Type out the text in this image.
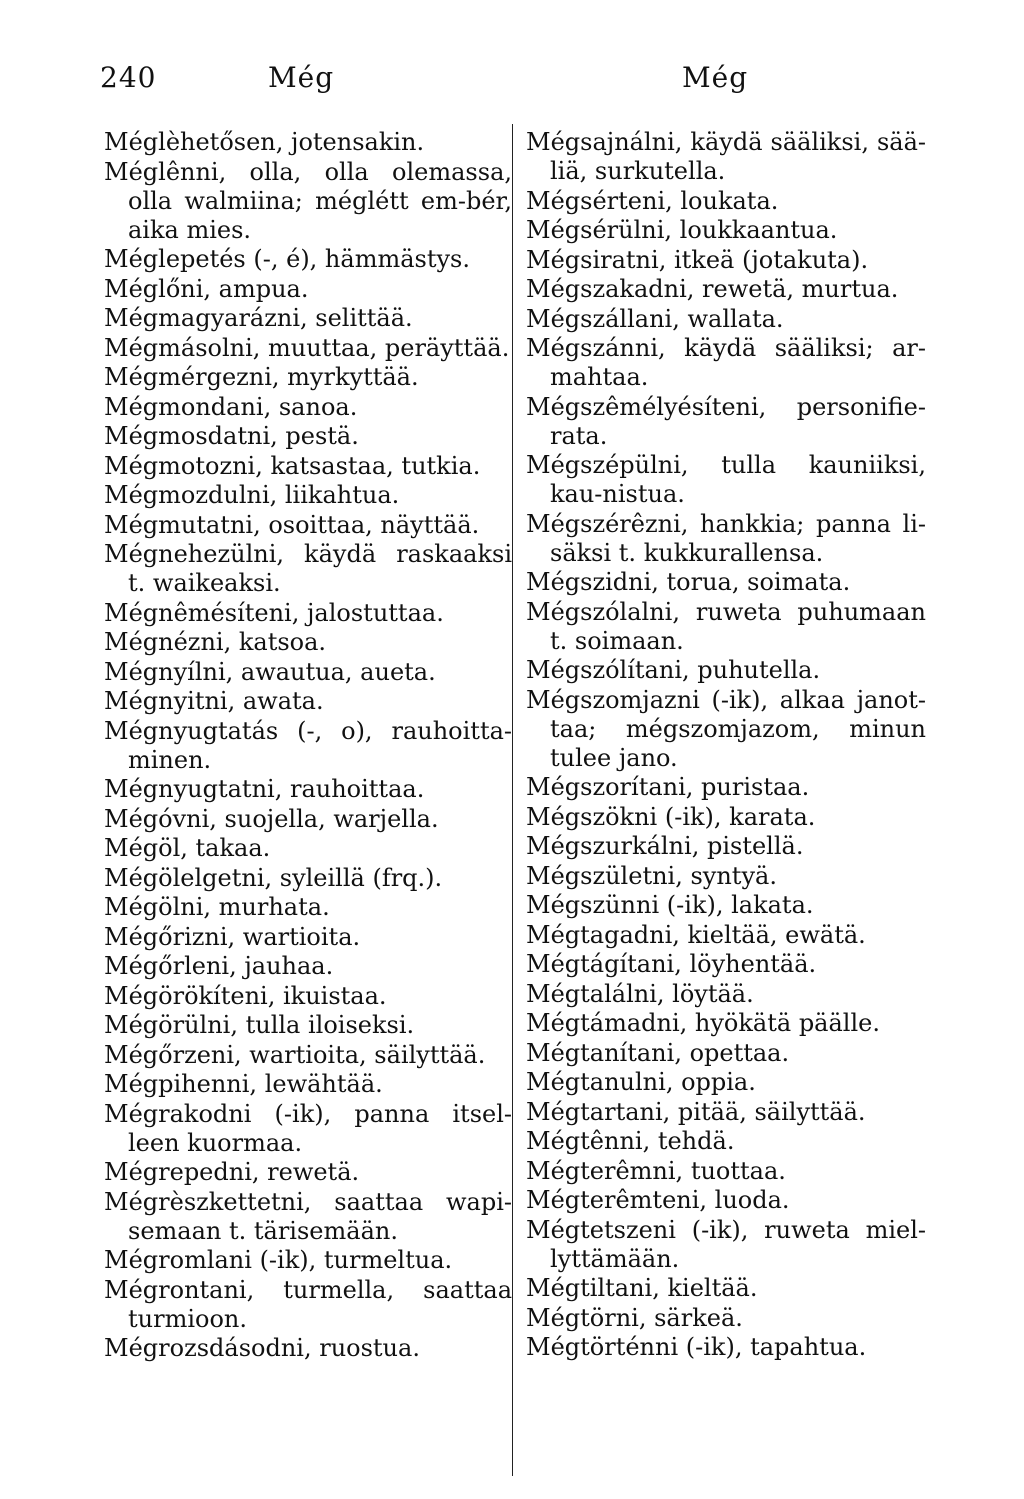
240	Még	Még

Méglèhetősen, jotensakin.

Méglênni, olla, olla olemassa, olla walmiina; méglétt em-bér, aika mies.

Méglepetés (-, é), hämmästys.

Méglőni, ampua.

Mégmagyarázni, selittää.

Mégmásolni, muuttaa, peräyttää.

Mégmérgezni, myrkyttää.

Mégmondani, sanoa.

Mégmosdatni, pestä.

Mégmotozni, katsastaa, tutkia.

Mégmozdulni, liikahtua.

Mégmutatni, osoittaa, näyttää.

Mégnehezülni, käydä raskaaksi t. waikeaksi.

Mégnêmésíteni, jalostuttaa.

Mégnézni, katsoa.

Mégnyílni, awautua, aueta.

Mégnyitni, awata.

Mégnyugtatás (-, o), rauhoitta-minen.

Mégnyugtatni, rauhoittaa.

Mégóvni, suojella, warjella.

Mégöl, takaa.

Mégölelgetni, syleillä (frq.).

Mégölni, murhata.

Mégőrizni, wartioita.

Mégőrleni, jauhaa.

Mégörökíteni, ikuistaa.

Mégörülni, tulla iloiseksi.

Mégőrzeni, wartioita, säilyttää.

Mégpihenni, lewähtää.

Mégrakodni (-ik), panna itsel-leen kuormaa.

Mégrepedni, rewetä.

Mégrèszkettetni, saattaa wapi-semaan t. tärisemään.

Mégromlani (-ik), turmeltua.

Mégrontani, turmella, saattaa turmioon.

Mégrozsdásodni, ruostua.

Mégsajnálni, käydä sääliksi, sää-liä, surkutella.

Mégsérteni, loukata.

Mégsérülni, loukkaantua.

Mégsiratni, itkeä (jotakuta).

Mégszakadni, rewetä, murtua.

Mégszállani, wallata.

Mégszánni, käydä sääliksi; ar-mahtaa.

Mégszêmélyésíteni, personifie-rata.

Mégszépülni, tulla kauniiksi, kau-nistua.

Mégszérêzni, hankkia; panna li-säksi t. kukkurallensa.

Mégszidni, torua, soimata.

Mégszólalni, ruweta puhumaan t. soimaan.

Mégszólítani, puhutella.

Mégszomjazni (-ik), alkaa janot-taa; mégszomjazom, minun tulee jano.

Mégszorítani, puristaa.

Mégszökni (-ik), karata.

Mégszurkálni, pistellä.

Mégszületni, syntyä.

Mégszünni (-ik), lakata.

Mégtagadni, kieltää, ewätä.

Mégtágítani, löyhentää.

Mégtalálni, löytää.

Mégtámadni, hyökätä päälle.

Mégtanítani, opettaa.

Mégtanulni, oppia.

Mégtartani, pitää, säilyttää.

Mégtênni, tehdä.

Mégterêmni, tuottaa.

Mégterêmteni, luoda.

Mégtetszeni (-ik), ruweta miel-lyttämään.

Mégtiltani, kieltää.

Mégtörni, särkeä.

Mégtörténni (-ik), tapahtua.
